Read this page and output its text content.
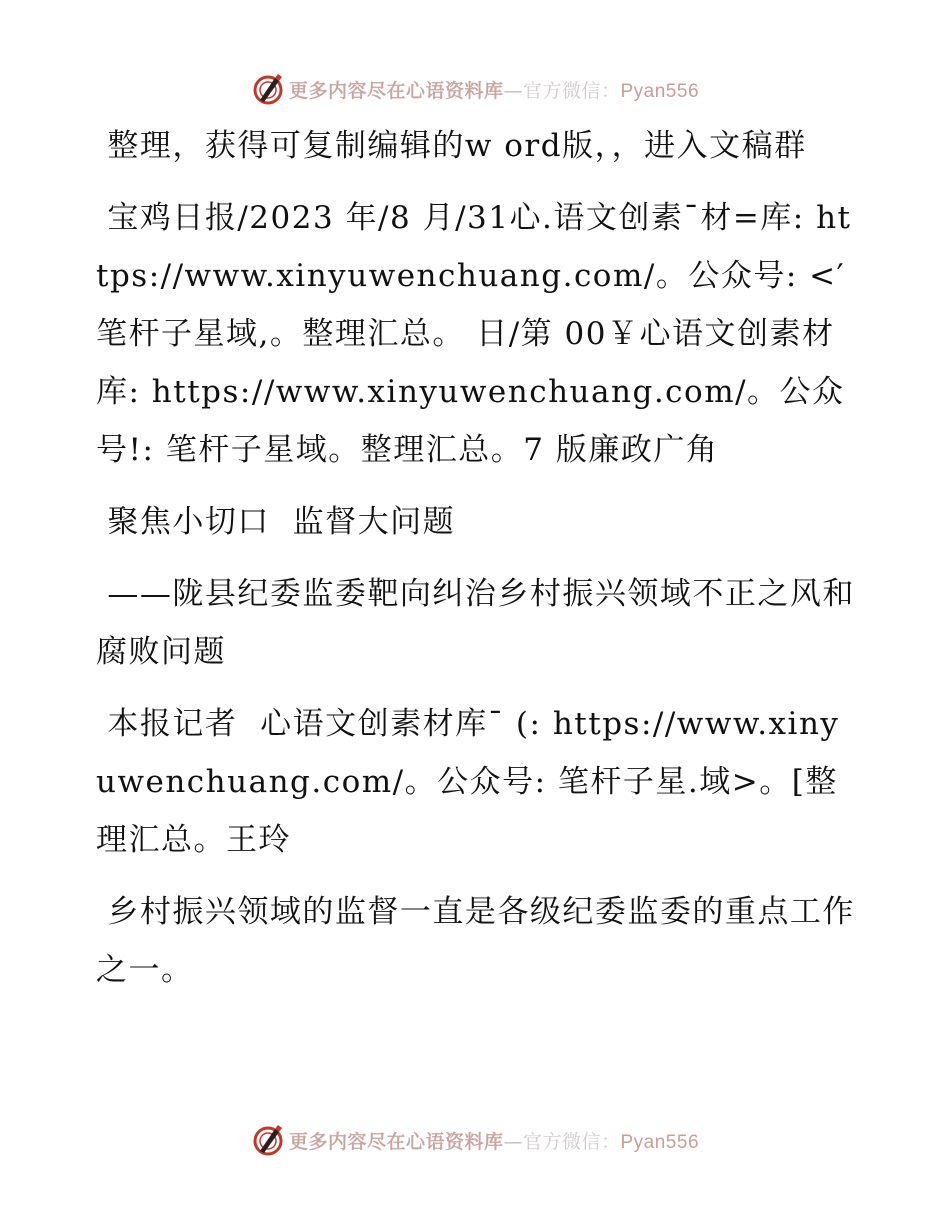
更多内容尽在心语资料库—官方微信：Pyan556

整理，获得可复制编辑的w ord版，，进入文稿群

宝鸡日报/2023 年/8 月/31心.语文创素¯材=库: https://www.xinyuwenchuang.com/。公众号: <′笔杆子星域,。整理汇总。 日/第 00￥心语文创素材库: https://www.xinyuwenchuang.com/。公众号!: 笔杆子星域。整理汇总。7 版廉政广角

聚焦小切口  监督大问题

——陇县纪委监委靶向纠治乡村振兴领域不正之风和腐败问题

本报记者  心语文创素材库¯ (: https://www.xinyuwenchuang.com/。公众号: 笔杆子星.域>。[整理汇总。王玲

乡村振兴领域的监督一直是各级纪委监委的重点工作之一。

更多内容尽在心语资料库—官方微信：Pyan556
